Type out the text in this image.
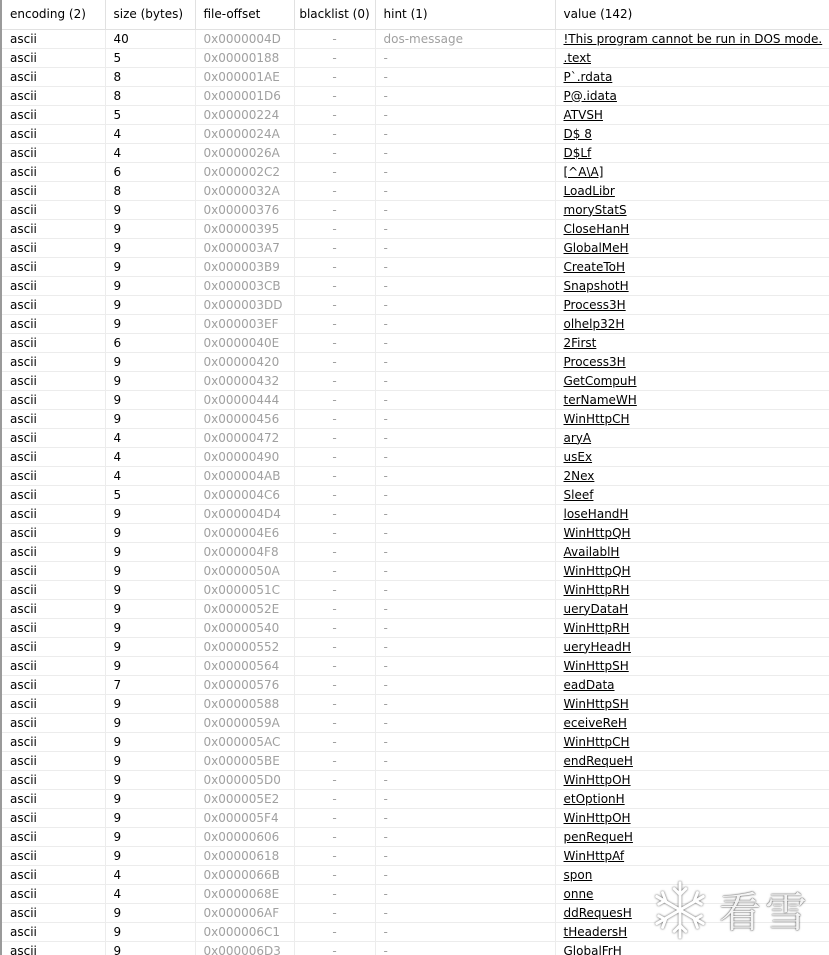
encoding (2)	size (bytes)	file-offset	blacklist (0)	hint (1)	value (142)
ascii	40	0x0000004D	-	dos-message	!This program cannot be run in DOS mode.
ascii	5	0x00000188	-	-	.text
ascii	8	0x000001AE	-	-	P`.rdata
ascii	8	0x000001D6	-	-	P@.idata
ascii	5	0x00000224	-	-	ATVSH
ascii	4	0x0000024A	-	-	D$ 8
ascii	4	0x0000026A	-	-	D$Lf
ascii	6	0x000002C2	-	-	[^A\A]
ascii	8	0x0000032A	-	-	LoadLibr
ascii	9	0x00000376	-	-	moryStatS
ascii	9	0x00000395	-	-	CloseHanH
ascii	9	0x000003A7	-	-	GlobalMeH
ascii	9	0x000003B9	-	-	CreateToH
ascii	9	0x000003CB	-	-	SnapshotH
ascii	9	0x000003DD	-	-	Process3H
ascii	9	0x000003EF	-	-	olhelp32H
ascii	6	0x0000040E	-	-	2First
ascii	9	0x00000420	-	-	Process3H
ascii	9	0x00000432	-	-	GetCompuH
ascii	9	0x00000444	-	-	terNameWH
ascii	9	0x00000456	-	-	WinHttpCH
ascii	4	0x00000472	-	-	aryA
ascii	4	0x00000490	-	-	usEx
ascii	4	0x000004AB	-	-	2Nex
ascii	5	0x000004C6	-	-	Sleef
ascii	9	0x000004D4	-	-	loseHandH
ascii	9	0x000004E6	-	-	WinHttpQH
ascii	9	0x000004F8	-	-	AvailablH
ascii	9	0x0000050A	-	-	WinHttpQH
ascii	9	0x0000051C	-	-	WinHttpRH
ascii	9	0x0000052E	-	-	ueryDataH
ascii	9	0x00000540	-	-	WinHttpRH
ascii	9	0x00000552	-	-	ueryHeadH
ascii	9	0x00000564	-	-	WinHttpSH
ascii	7	0x00000576	-	-	eadData
ascii	9	0x00000588	-	-	WinHttpSH
ascii	9	0x0000059A	-	-	eceiveReH
ascii	9	0x000005AC	-	-	WinHttpCH
ascii	9	0x000005BE	-	-	endRequeH
ascii	9	0x000005D0	-	-	WinHttpOH
ascii	9	0x000005E2	-	-	etOptionH
ascii	9	0x000005F4	-	-	WinHttpOH
ascii	9	0x00000606	-	-	penRequeH
ascii	9	0x00000618	-	-	WinHttpAf
ascii	4	0x0000066B	-	-	spon
ascii	4	0x0000068E	-	-	onne
ascii	9	0x000006AF	-	-	ddRequesH
ascii	9	0x000006C1	-	-	tHeadersH
ascii	9	0x000006D3	-	-	GlobalFrH
看雪
